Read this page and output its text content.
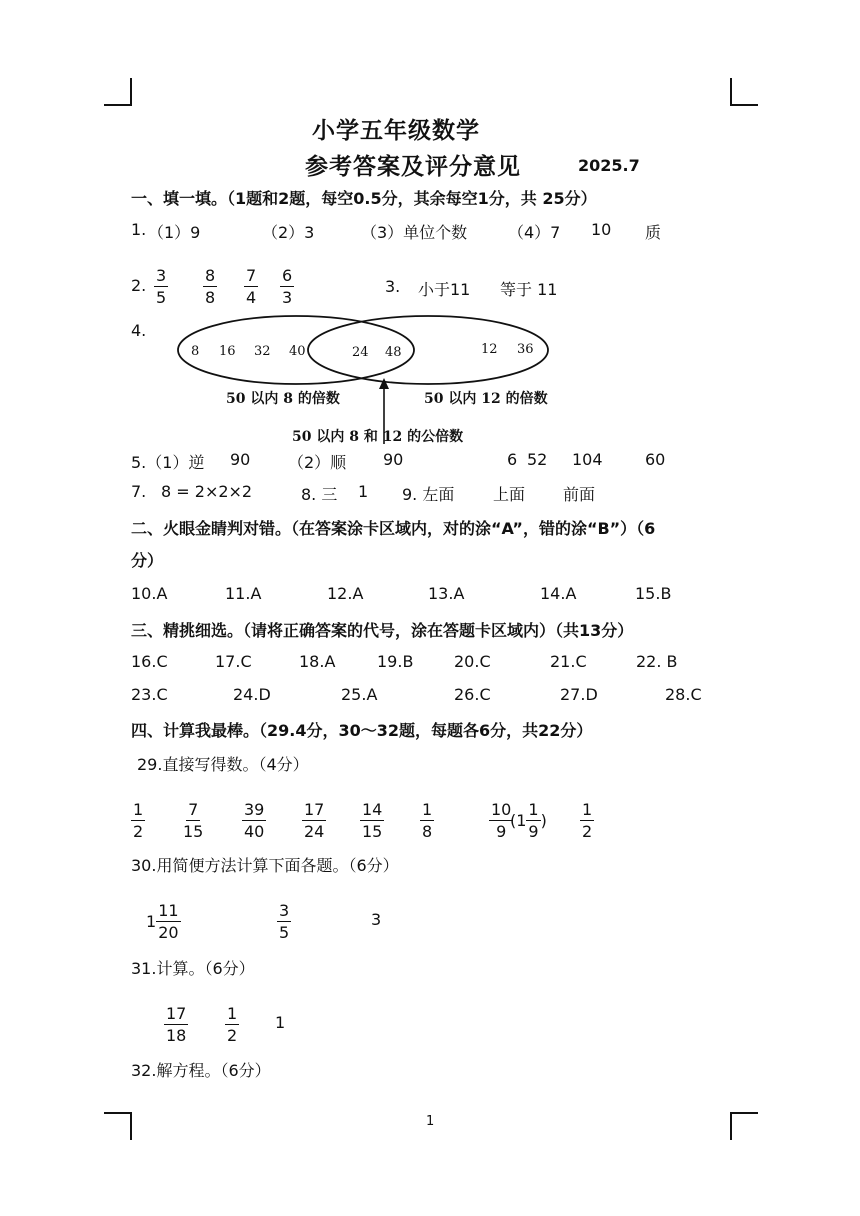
小学五年级数学
参考答案及评分意见	2025.7
一、填一填。（1题和2题，每空0.5分，其余每空1分，共 25分）
1. （1）9	（2）3	（3）单位个数	（4）7 10 质
2. $\frac{3}{5} \frac{8}{8} \frac{7}{4} \frac{6}{3}$	3. 小于11 等于 11
4.
8 16 32 40	24 48	12 36
50 以内 8 的倍数	50 以内 12 的倍数
50 以内 8 和 12 的公倍数
5.（1）逆 90 （2）顺 90	6 52 104	60
7. 8 = 2×2×2	8. 三 1 9. 左面 上面 前面
二、火眼金睛判对错。（在答案涂卡区域内，对的涂“A”，错的涂“B”）（6
分）
10.A	11.A	12.A	13.A	14.A	15.B
三、精挑细选。（请将正确答案的代号，涂在答题卡区域内）（共13分）
16.C	17.C	18.A	19.B	20.C	21.C	22. B
23.C	24.D	25.A	26.C	27.D	28.C
四、计算我最棒。（29.4分，30～32题，每题各6分，共22分）
29.直接写得数。（4分）
$\frac{1}{2} \frac{7}{15} \frac{39}{40} \frac{17}{24} \frac{14}{15} \frac{1}{8}$	$\frac{10}{9}$
($1 \frac{1}{9}$ ) $\frac{1}{2}$
30.用简便方法计算下面各题。（6分）
$1 \frac{11}{20}$	$\frac{3}{5}$	3
31.计算。（6分）
$\frac{17}{18} \frac{1}{2} 1$
32.解方程。（6分）
1
